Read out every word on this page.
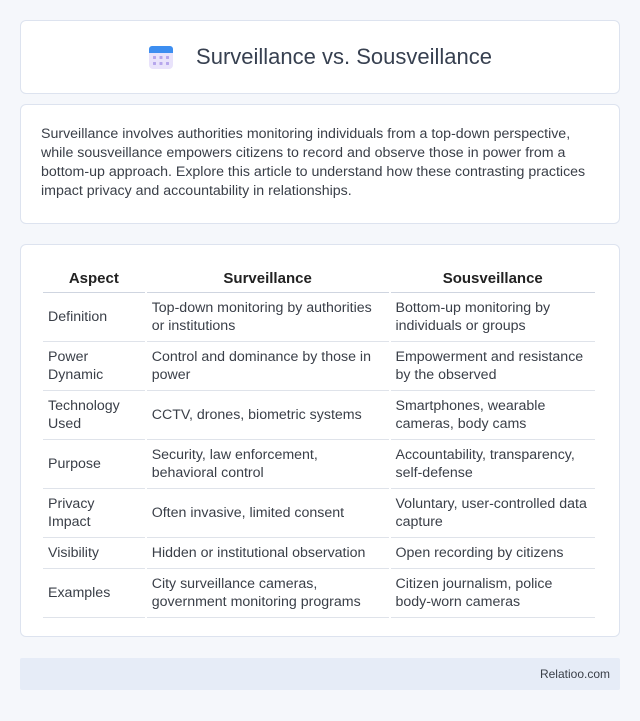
Surveillance vs. Sousveillance

Surveillance involves authorities monitoring individuals from a top-down perspective, while sousveillance empowers citizens to record and observe those in power from a bottom-up approach. Explore this article to understand how these contrasting practices impact privacy and accountability in relationships.

Aspect	Surveillance	Sousveillance
Definition	Top-down monitoring by authorities or institutions	Bottom-up monitoring by individuals or groups
Power Dynamic	Control and dominance by those in power	Empowerment and resistance by the observed
Technology Used	CCTV, drones, biometric systems	Smartphones, wearable cameras, body cams
Purpose	Security, law enforcement, behavioral control	Accountability, transparency, self-defense
Privacy Impact	Often invasive, limited consent	Voluntary, user-controlled data capture
Visibility	Hidden or institutional observation	Open recording by citizens
Examples	City surveillance cameras, government monitoring programs	Citizen journalism, police body-worn cameras
Relatioo.com
